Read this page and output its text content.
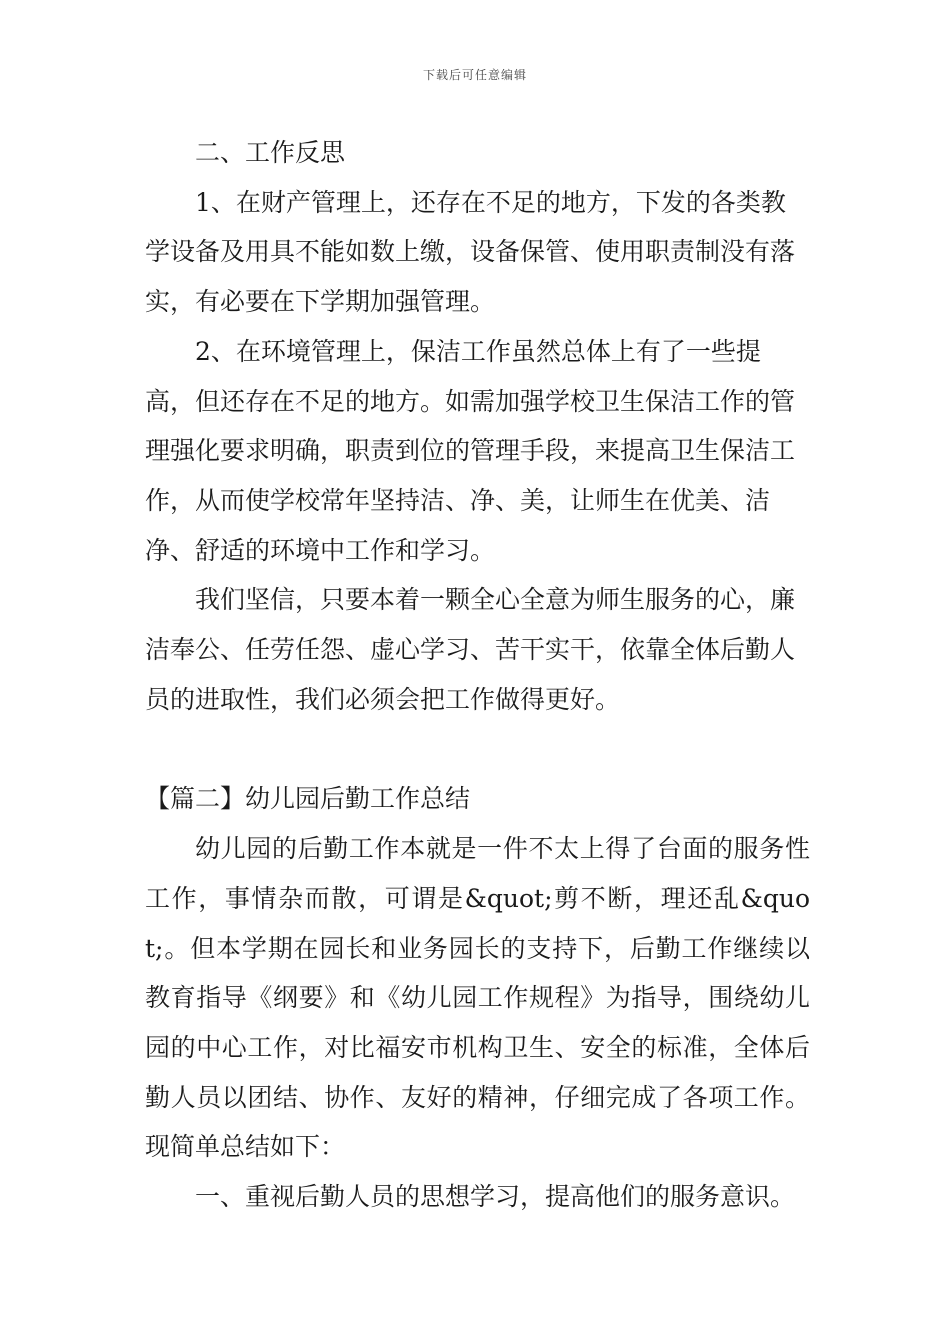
下载后可任意编辑

二、工作反思

1、在财产管理上，还存在不足的地方，下发的各类教学设备及用具不能如数上缴，设备保管、使用职责制没有落实，有必要在下学期加强管理。

2、在环境管理上，保洁工作虽然总体上有了一些提高，但还存在不足的地方。如需加强学校卫生保洁工作的管理强化要求明确，职责到位的管理手段，来提高卫生保洁工作，从而使学校常年坚持洁、净、美，让师生在优美、洁净、舒适的环境中工作和学习。

我们坚信，只要本着一颗全心全意为师生服务的心，廉洁奉公、任劳任怨、虚心学习、苦干实干，依靠全体后勤人员的进取性，我们必须会把工作做得更好。

【篇二】幼儿园后勤工作总结

幼儿园的后勤工作本就是一件不太上得了台面的服务性工作，事情杂而散，可谓是&quot;剪不断，理还乱&quot;。但本学期在园长和业务园长的支持下，后勤工作继续以教育指导《纲要》和《幼儿园工作规程》为指导，围绕幼儿园的中心工作，对比福安市机构卫生、安全的标准，全体后勤人员以团结、协作、友好的精神，仔细完成了各项工作。现简单总结如下：

一、重视后勤人员的思想学习，提高他们的服务意识。
